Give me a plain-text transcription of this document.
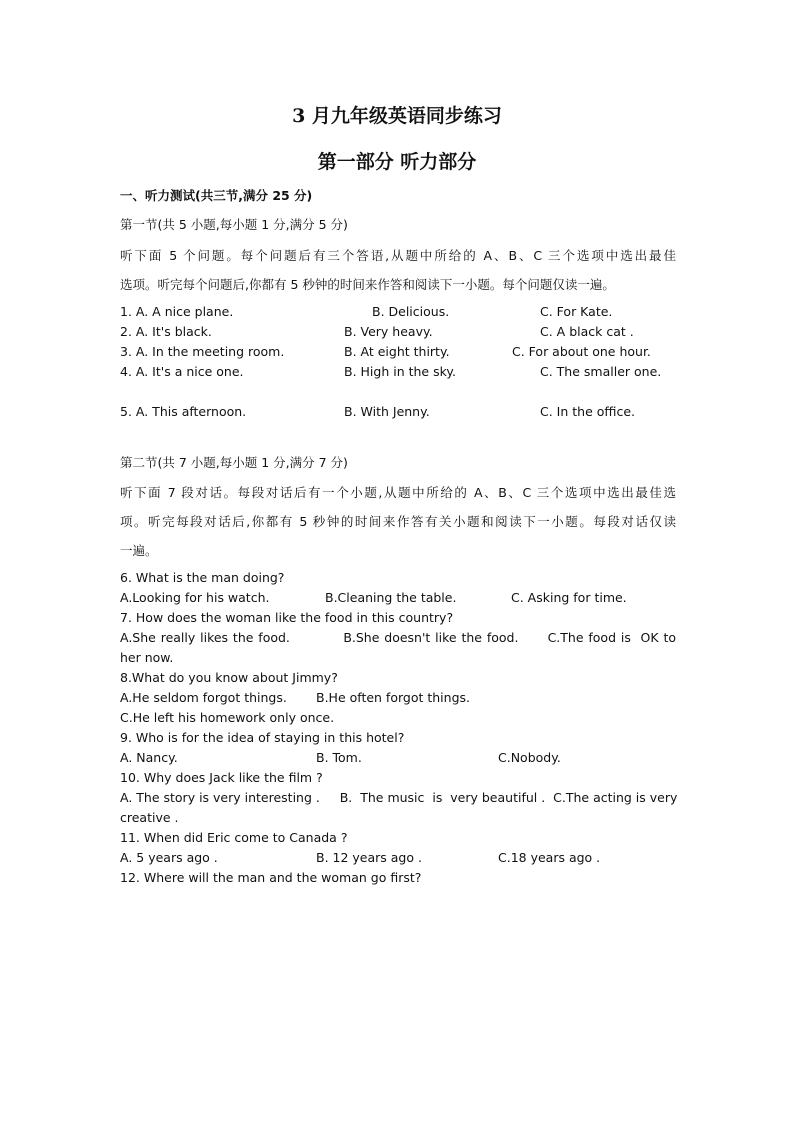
3 月九年级英语同步练习
第一部分 听力部分
一、听力测试(共三节,满分 25 分)
第一节(共 5 小题,每小题 1 分,满分 5 分)
听下面 5 个问题。每个问题后有三个答语,从题中所给的 A、B、C 三个选项中选出最佳
选项。听完每个问题后,你都有 5 秒钟的时间来作答和阅读下一小题。每个问题仅读一遍。
1. A. A nice plane.	B. Delicious.	C. For Kate.
2. A. It's black.	B. Very heavy.	C. A black cat .
3. A. In the meeting room.	B. At eight thirty.	C. For about one hour.
4. A. It's a nice one.	B. High in the sky.	C. The smaller one.
5. A. This afternoon.	B. With Jenny.	C. In the office.
第二节(共 7 小题,每小题 1 分,满分 7 分)
听下面 7 段对话。每段对话后有一个小题,从题中所给的 A、B、C 三个选项中选出最佳选
项。听完每段对话后,你都有 5 秒钟的时间来作答有关小题和阅读下一小题。每段对话仅读
一遍。
6. What is the man doing?
A.Looking for his watch.	B.Cleaning the table.	C. Asking for time.
7. How does the woman like the food in this country?
A.She really likes the food.           B.She doesn't like the food.      C.The food is  OK to
her now.
8.What do you know about Jimmy?
A.He seldom forgot things. B.He often forgot things.
C.He left his homework only once.
9. Who is for the idea of staying in this hotel?
A. Nancy.	B. Tom.	C.Nobody.
10. Why does Jack like the film ?
A. The story is very interesting .     B.  The music  is  very beautiful .  C.The acting is very
creative .
11. When did Eric come to Canada ?
A. 5 years ago .	B. 12 years ago .	C.18 years ago .
12. Where will the man and the woman go first?
